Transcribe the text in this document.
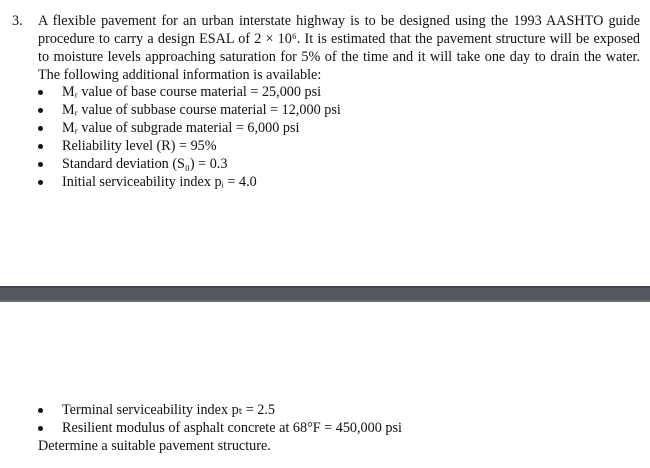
3. A flexible pavement for an urban interstate highway is to be designed using the 1993 AASHTO guide procedure to carry a design ESAL of 2 × 10⁶. It is estimated that the pavement structure will be exposed to moisture levels approaching saturation for 5% of the time and it will take one day to drain the water. The following additional information is available:
Mᵣ value of base course material = 25,000 psi
Mᵣ value of subbase course material = 12,000 psi
Mᵣ value of subgrade material = 6,000 psi
Reliability level (R) = 95%
Standard deviation (S₀) = 0.3
Initial serviceability index pᵢ = 4.0
Terminal serviceability index pₜ = 2.5
Resilient modulus of asphalt concrete at 68°F = 450,000 psi
Determine a suitable pavement structure.
